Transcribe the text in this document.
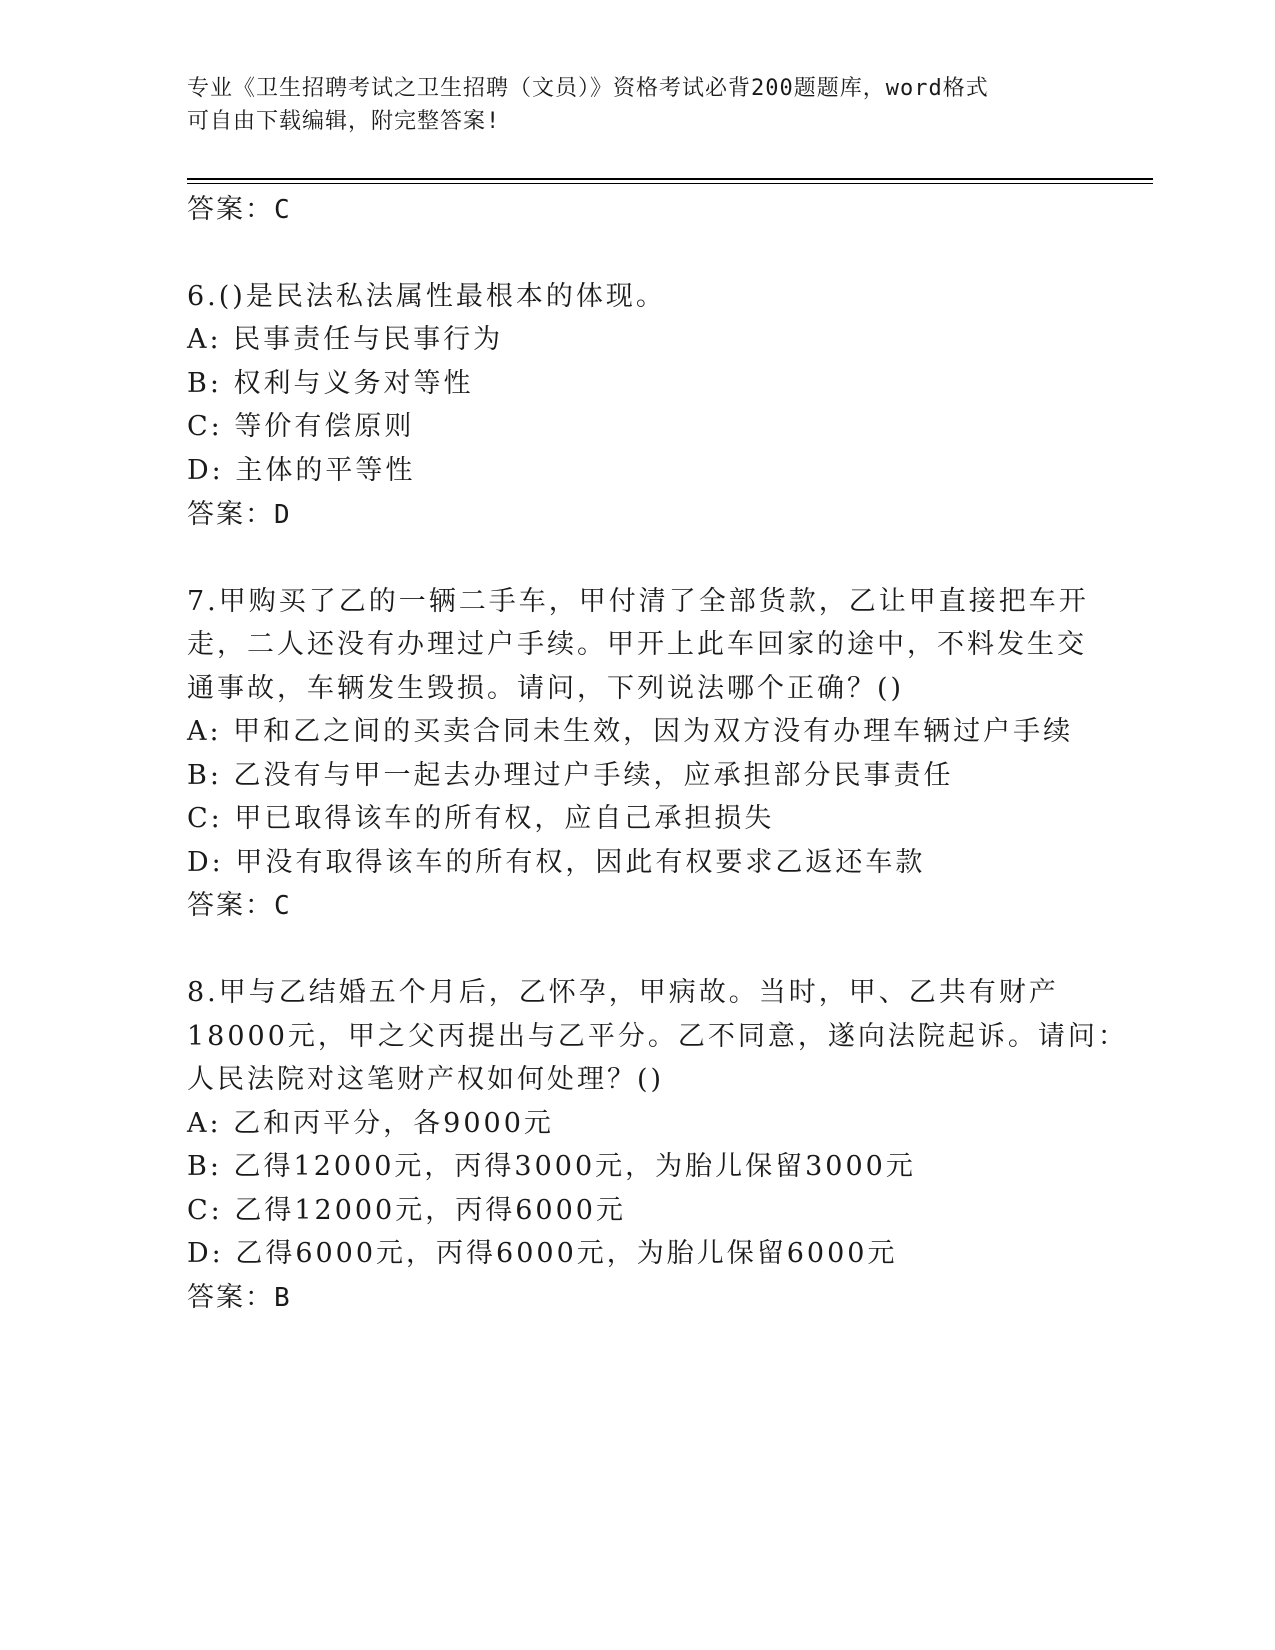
专业《卫生招聘考试之卫生招聘（文员）》资格考试必背200题题库，word格式
可自由下载编辑，附完整答案!
答案：C
6.()是民法私法属性最根本的体现。
A: 民事责任与民事行为
B: 权利与义务对等性
C: 等价有偿原则
D: 主体的平等性
答案：D
7.甲购买了乙的一辆二手车，甲付清了全部货款，乙让甲直接把车开
走，二人还没有办理过户手续。甲开上此车回家的途中，不料发生交
通事故，车辆发生毁损。请问，下列说法哪个正确？()
A: 甲和乙之间的买卖合同未生效，因为双方没有办理车辆过户手续
B: 乙没有与甲一起去办理过户手续，应承担部分民事责任
C: 甲已取得该车的所有权，应自己承担损失
D: 甲没有取得该车的所有权，因此有权要求乙返还车款
答案：C
8.甲与乙结婚五个月后，乙怀孕，甲病故。当时，甲、乙共有财产
18000元，甲之父丙提出与乙平分。乙不同意，遂向法院起诉。请问：
人民法院对这笔财产权如何处理？()
A: 乙和丙平分，各9000元
B: 乙得12000元，丙得3000元，为胎儿保留3000元
C: 乙得12000元，丙得6000元
D: 乙得6000元，丙得6000元，为胎儿保留6000元
答案：B
